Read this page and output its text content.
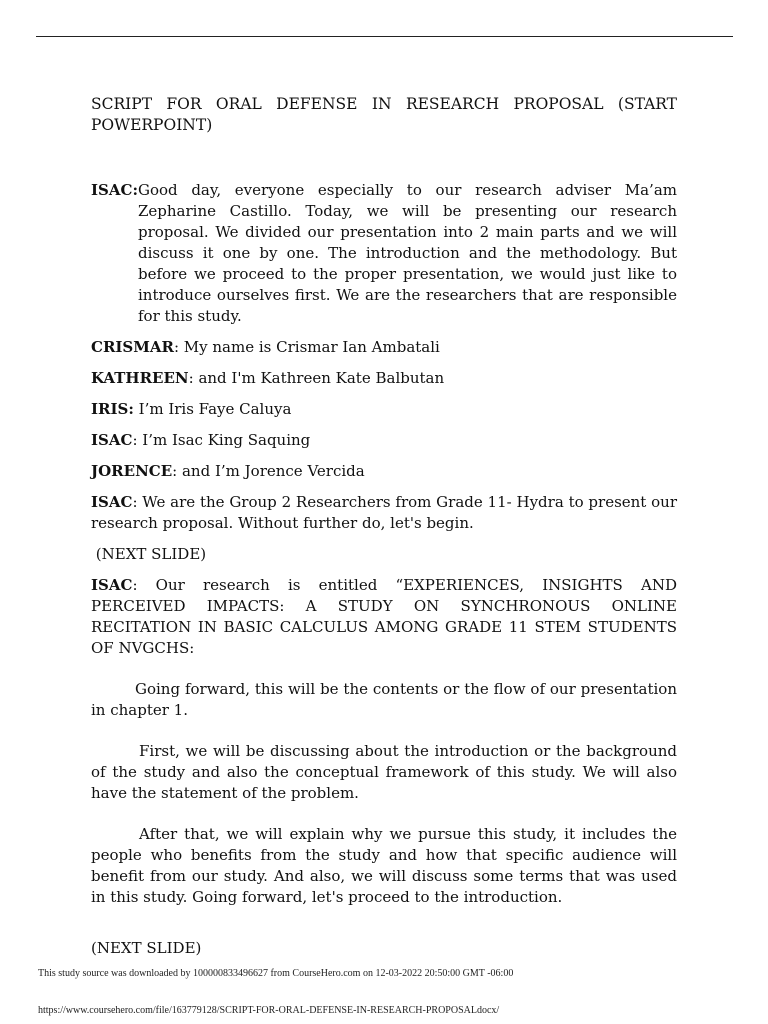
SCRIPT FOR ORAL DEFENSE IN RESEARCH PROPOSAL (START POWERPOINT)

ISAC: Good day, everyone especially to our research adviser Ma’am Zepharine Castillo. Today, we will be presenting our research proposal. We divided our presentation into 2 main parts and we will discuss it one by one. The introduction and the methodology. But before we proceed to the proper presentation, we would just like to introduce ourselves first. We are the researchers that are responsible for this study.

CRISMAR: My name is Crismar Ian Ambatali

KATHREEN: and I'm Kathreen Kate Balbutan

IRIS: I’m Iris Faye Caluya

ISAC: I’m Isac King Saquing

JORENCE: and I’m Jorence Vercida

ISAC: We are the Group 2 Researchers from Grade 11- Hydra to present our research proposal. Without further do, let's begin.

(NEXT SLIDE)

ISAC: Our research is entitled “EXPERIENCES, INSIGHTS AND PERCEIVED IMPACTS: A STUDY ON SYNCHRONOUS ONLINE RECITATION IN BASIC CALCULUS AMONG GRADE 11 STEM STUDENTS OF NVGCHS:

Going forward, this will be the contents or the flow of our presentation in chapter 1.

First, we will be discussing about the introduction or the background of the study and also the conceptual framework of this study. We will also have the statement of the problem.

After that, we will explain why we pursue this study, it includes the people who benefits from the study and how that specific audience will benefit from our study. And also, we will discuss some terms that was used in this study. Going forward, let's proceed to the introduction.

(NEXT SLIDE)

This study source was downloaded by 100000833496627 from CourseHero.com on 12-03-2022 20:50:00 GMT -06:00
https://www.coursehero.com/file/163779128/SCRIPT-FOR-ORAL-DEFENSE-IN-RESEARCH-PROPOSALdocx/
